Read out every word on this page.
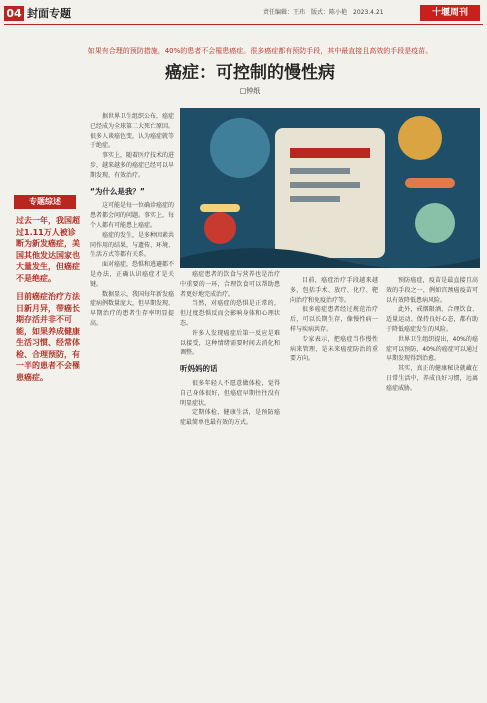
04 封面专题	责任编辑：王玮　版式：陈小艳　2023.4.21	十堰周刊
如果有合理的预防措施，40%的患者不会罹患癌症。很多癌症都有预防手段，其中最直接且高效的手段是疫苗。
癌症：可控制的慢性病
□钟纸
专题综述

过去一年，我国超过1.11万人被诊断为新发癌症，美国其他发达国家也大量发生，但癌症不是绝症。

目前癌症治疗方法日新月异，带癌长期存活并非不可能，如果养成健康生活习惯、经常体检、合理预防，有一半的患者不会罹患癌症。

据世界卫生组织公布，癌症已经成为全球第二大死亡原因。很多人谈癌色变，认为癌症就等于绝症。

事实上，随着医疗技术的进步，越来越多的癌症已经可以早期发现、有效治疗。

“为什么是我？”

这可能是每一位确诊癌症的患者都会问的问题。事实上，每个人都有可能患上癌症。

癌症的发生，是多种因素共同作用的结果，与遗传、环境、生活方式等都有关系。

面对癌症，恐惧和逃避都不是办法，正确认识癌症才是关键。

数据显示，我国每年新发癌症病例数量庞大，但早期发现、早期治疗的患者生存率明显提高。

癌症患者的饮食与营养也是治疗中重要的一环，合理饮食可以帮助患者更好地完成治疗。

当然，对癌症的恐惧是正常的，但过度恐惧反而会影响身体和心理状态。

许多人发现癌症后第一反应是难以接受，这种情绪需要时间去消化和调整。

听妈妈的话

很多年轻人不愿意做体检，觉得自己身体很好，但癌症早期往往没有明显症状。

定期体检、健康生活，是预防癌症最简单也最有效的方式。

目前，癌症治疗手段越来越多，包括手术、放疗、化疗、靶向治疗和免疫治疗等。

很多癌症患者经过规范治疗后，可以长期生存，像慢性病一样与疾病共存。

专家表示，把癌症当作慢性病来管理，是未来癌症防治的重要方向。

预防癌症，疫苗是最直接且高效的手段之一，例如宫颈癌疫苗可以有效降低患病风险。

此外，戒烟限酒、合理饮食、适量运动、保持良好心态，都有助于降低癌症发生的风险。

世界卫生组织提出，40%的癌症可以预防，40%的癌症可以通过早期发现得到治愈。

其实，真正的健康秘诀就藏在日常生活中，养成良好习惯，远离癌症威胁。
